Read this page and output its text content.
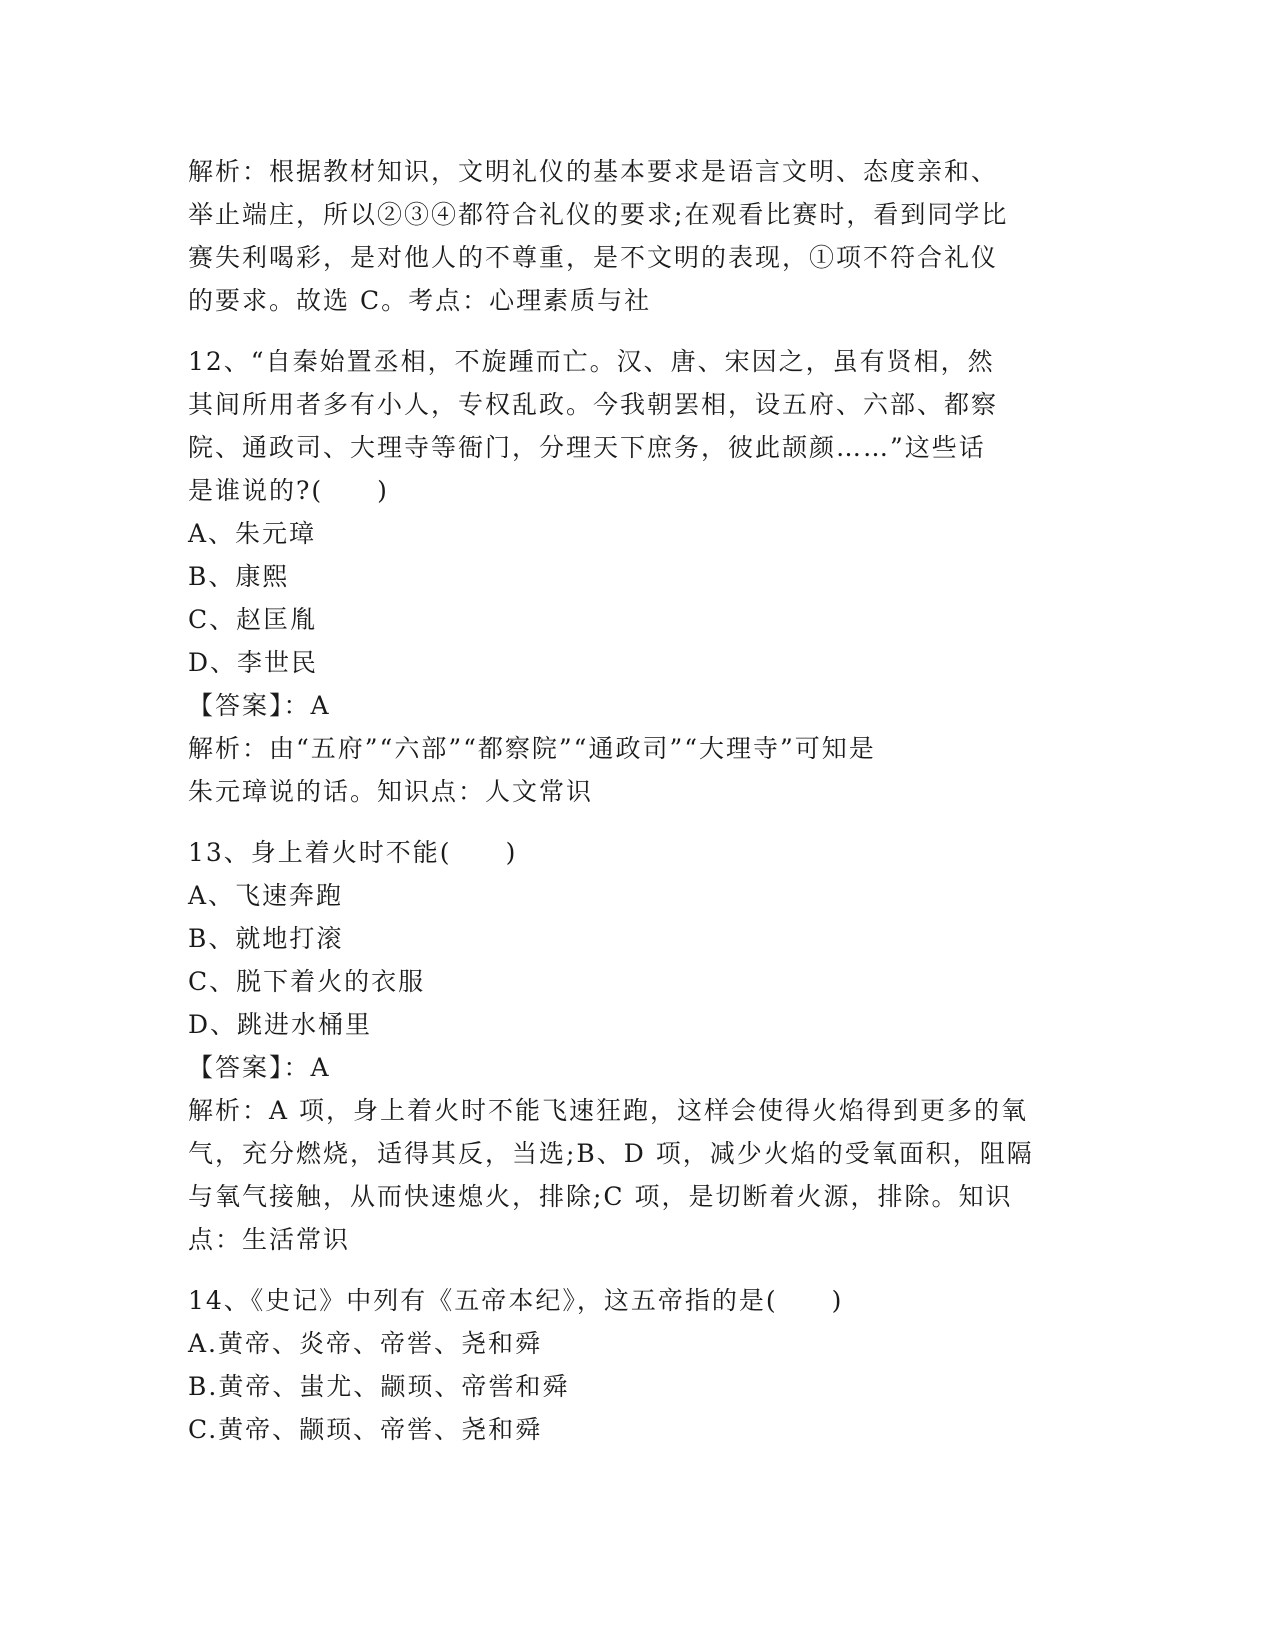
解析：根据教材知识，文明礼仪的基本要求是语言文明、态度亲和、
举止端庄，所以②③④都符合礼仪的要求;在观看比赛时，看到同学比
赛失利喝彩，是对他人的不尊重，是不文明的表现，①项不符合礼仪
的要求。故选 C。考点：心理素质与社
12、“自秦始置丞相，不旋踵而亡。汉、唐、宋因之，虽有贤相，然
其间所用者多有小人，专权乱政。今我朝罢相，设五府、六部、都察
院、通政司、大理寺等衙门，分理天下庶务，彼此颉颜……”这些话
是谁说的?(　　)
A、朱元璋
B、康熙
C、赵匡胤
D、李世民
【答案】：A
解析：由“五府”“六部”“都察院”“通政司”“大理寺”可知是
朱元璋说的话。知识点：人文常识
13、身上着火时不能(　　)
A、飞速奔跑
B、就地打滚
C、脱下着火的衣服
D、跳进水桶里
【答案】：A
解析：A 项，身上着火时不能飞速狂跑，这样会使得火焰得到更多的氧
气，充分燃烧，适得其反，当选;B、D 项，减少火焰的受氧面积，阻隔
与氧气接触，从而快速熄火，排除;C 项，是切断着火源，排除。知识
点：生活常识
14、《史记》中列有《五帝本纪》，这五帝指的是(　　)
A.黄帝、炎帝、帝喾、尧和舜
B.黄帝、蚩尤、颛顼、帝喾和舜
C.黄帝、颛顼、帝喾、尧和舜
